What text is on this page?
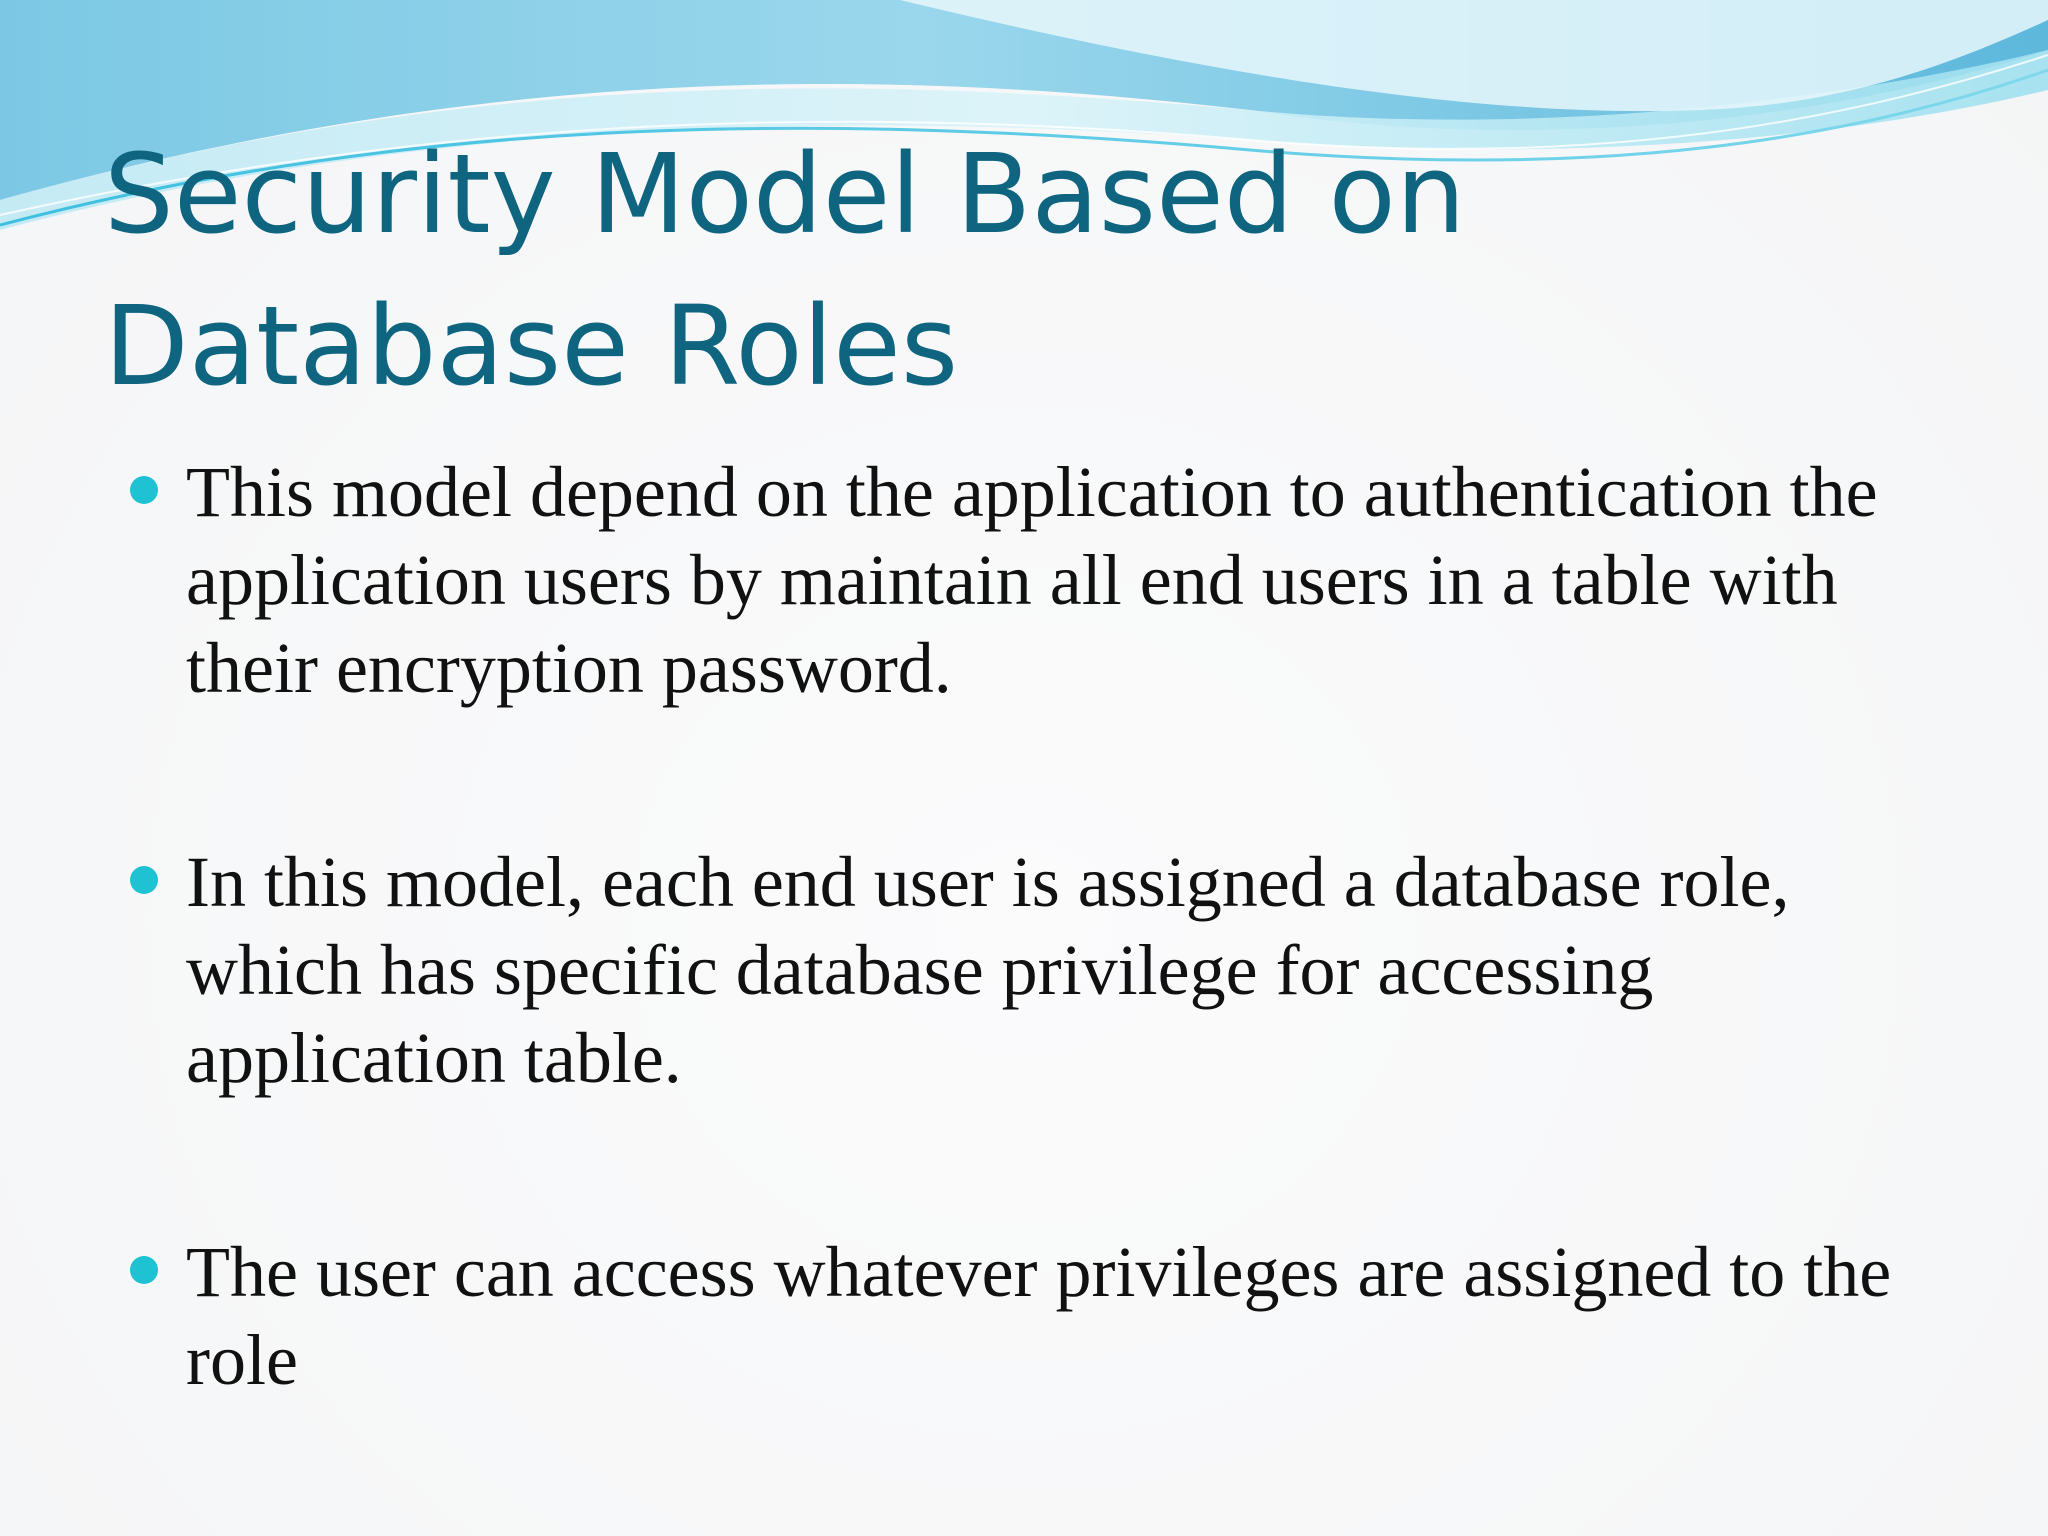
Security Model Based on Database Roles
This model depend on the application to authentication the application users by maintain all end users in a table with their encryption password.
In this model, each end user is assigned a database role, which has specific database privilege for accessing application table.
The user can access whatever privileges are assigned to the role
